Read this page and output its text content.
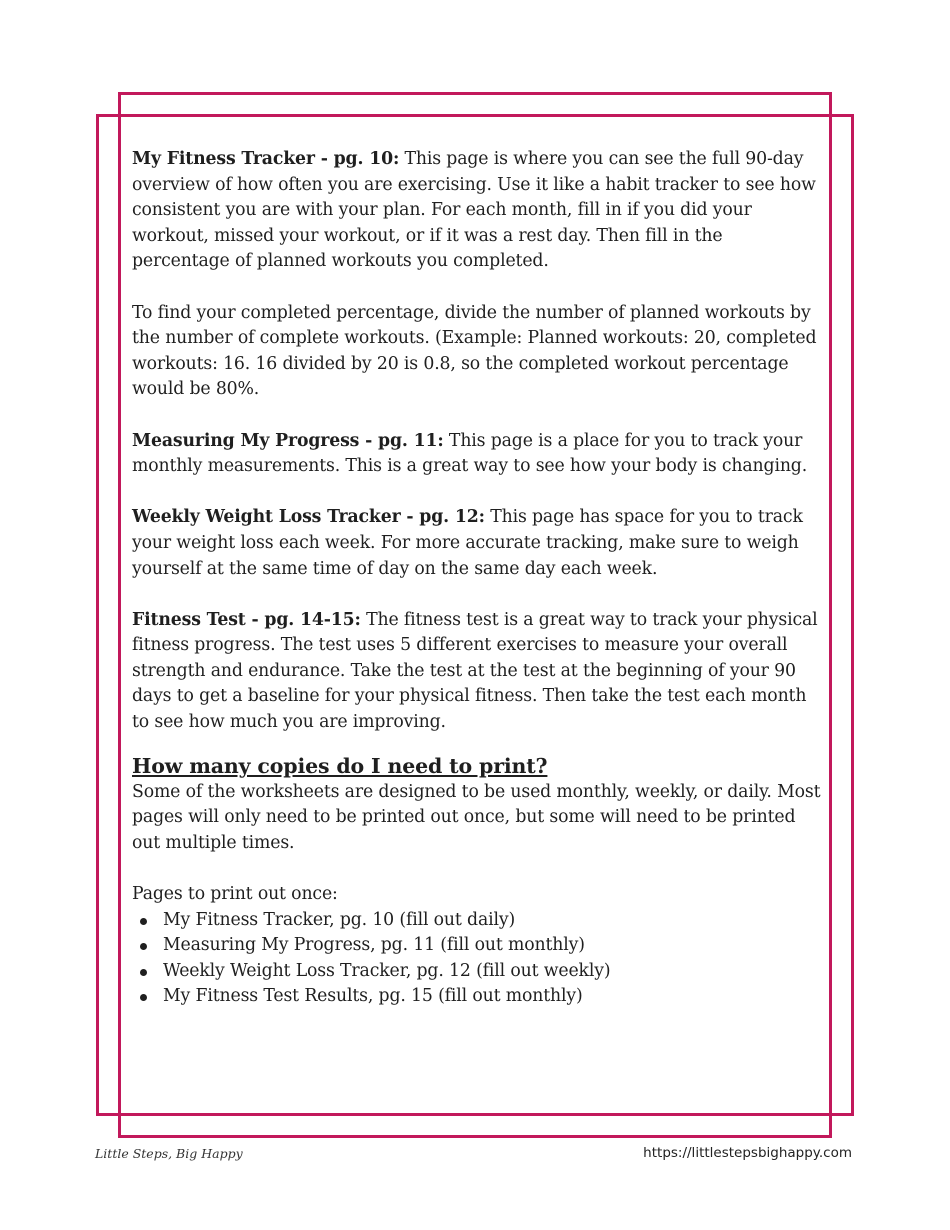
My Fitness Tracker - pg. 10: This page is where you can see the full 90-day overview of how often you are exercising. Use it like a habit tracker to see how consistent you are with your plan. For each month, fill in if you did your workout, missed your workout, or if it was a rest day. Then fill in the percentage of planned workouts you completed.

To find your completed percentage, divide the number of planned workouts by the number of complete workouts. (Example: Planned workouts: 20, completed workouts: 16. 16 divided by 20 is 0.8, so the completed workout percentage would be 80%.

Measuring My Progress - pg. 11: This page is a place for you to track your monthly measurements. This is a great way to see how your body is changing.

Weekly Weight Loss Tracker - pg. 12: This page has space for you to track your weight loss each week. For more accurate tracking, make sure to weigh yourself at the same time of day on the same day each week.

Fitness Test - pg. 14-15: The fitness test is a great way to track your physical fitness progress. The test uses 5 different exercises to measure your overall strength and endurance. Take the test at the test at the beginning of your 90 days to get a baseline for your physical fitness. Then take the test each month to see how much you are improving.

How many copies do I need to print?

Some of the worksheets are designed to be used monthly, weekly, or daily. Most pages will only need to be printed out once, but some will need to be printed out multiple times.

Pages to print out once:

My Fitness Tracker, pg. 10 (fill out daily)
Measuring My Progress, pg. 11 (fill out monthly)
Weekly Weight Loss Tracker, pg. 12 (fill out weekly)
My Fitness Test Results, pg. 15 (fill out monthly)
Little Steps, Big Happy	https://littlestepsbighappy.com
